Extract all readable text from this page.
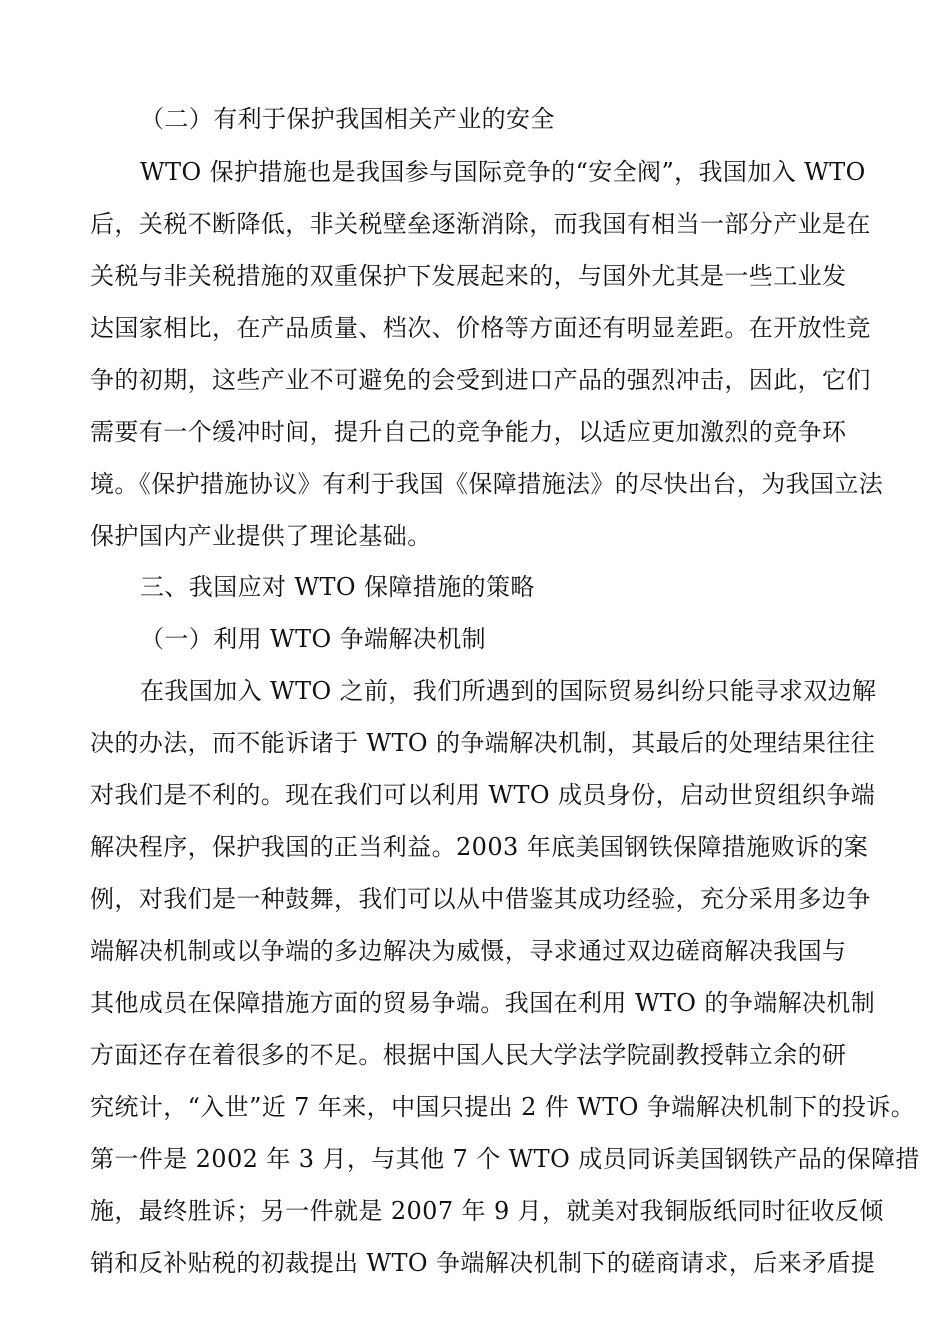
（二）有利于保护我国相关产业的安全
WTO 保护措施也是我国参与国际竞争的“安全阀”，我国加入 WTO
后，关税不断降低，非关税壁垒逐渐消除，而我国有相当一部分产业是在
关税与非关税措施的双重保护下发展起来的，与国外尤其是一些工业发
达国家相比，在产品质量、档次、价格等方面还有明显差距。在开放性竞
争的初期，这些产业不可避免的会受到进口产品的强烈冲击，因此，它们
需要有一个缓冲时间，提升自己的竞争能力，以适应更加激烈的竞争环
境。《保护措施协议》有利于我国《保障措施法》的尽快出台，为我国立法
保护国内产业提供了理论基础。
三、我国应对 WTO 保障措施的策略
（一）利用 WTO 争端解决机制
在我国加入 WTO 之前，我们所遇到的国际贸易纠纷只能寻求双边解
决的办法，而不能诉诸于 WTO 的争端解决机制，其最后的处理结果往往
对我们是不利的。现在我们可以利用 WTO 成员身份，启动世贸组织争端
解决程序，保护我国的正当利益。2003 年底美国钢铁保障措施败诉的案
例，对我们是一种鼓舞，我们可以从中借鉴其成功经验，充分采用多边争
端解决机制或以争端的多边解决为威慑，寻求通过双边磋商解决我国与
其他成员在保障措施方面的贸易争端。我国在利用 WTO 的争端解决机制
方面还存在着很多的不足。根据中国人民大学法学院副教授韩立余的研
究统计，“入世”近 7 年来，中国只提出 2 件 WTO 争端解决机制下的投诉。
第一件是 2002 年 3 月，与其他 7 个 WTO 成员同诉美国钢铁产品的保障措
施，最终胜诉；另一件就是 2007 年 9 月，就美对我铜版纸同时征收反倾
销和反补贴税的初裁提出 WTO 争端解决机制下的磋商请求，后来矛盾提
